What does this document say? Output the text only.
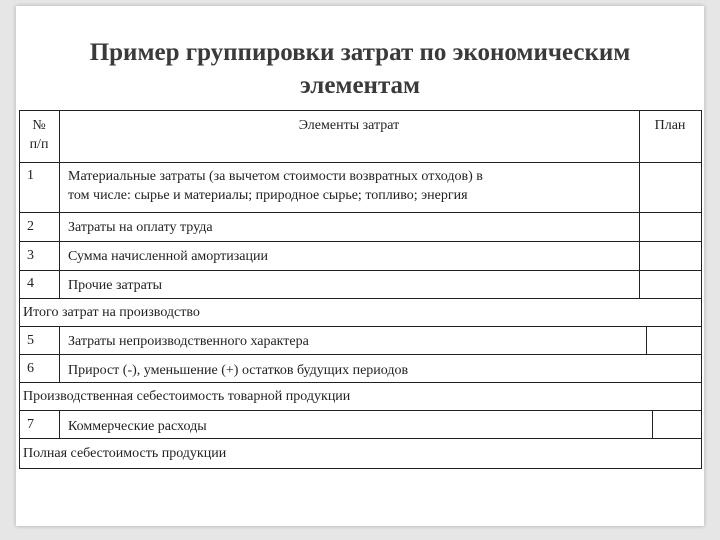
Пример группировки затрат по экономическим
элементам
№
п/п
Элементы затрат	План
1 Материальные затраты (за вычетом стоимости возвратных отходов) в
том числе: сырье и материалы; природное сырье; топливо; энергия
2 Затраты на оплату труда
3 Сумма начисленной амортизации
4 Прочие затраты
Итого затрат на производство
5 Затраты непроизводственного характера
6 Прирост (-), уменьшение (+) остатков будущих периодов
Производственная себестоимость товарной продукции
7 Коммерческие расходы
Полная себестоимость продукции
